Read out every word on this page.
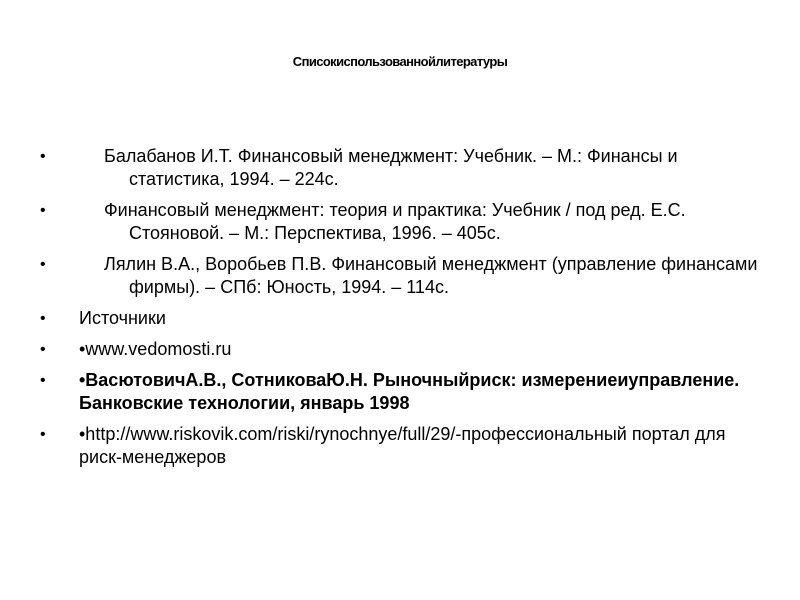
Списокиспользованнойлитературы
•	Балабанов И.Т. Финансовый менеджмент: Учебник. – М.: Финансы и статистика, 1994. – 224с.
•	Финансовый менеджмент: теория и практика: Учебник / под ред. Е.С. Стояновой. – М.: Перспектива, 1996. – 405с.
•	Лялин В.А., Воробьев П.В. Финансовый менеджмент (управление финансами фирмы). – СПб: Юность, 1994. – 114с.
• Источники
• •www.vedomosti.ru
• •ВасютовичА.В., СотниковаЮ.Н. Рыночныйриск: измерениеиуправление. Банковские технологии, январь 1998
• •http://www.riskovik.com/riski/rynochnye/full/29/-профессиональный портал для риск-менеджеров
